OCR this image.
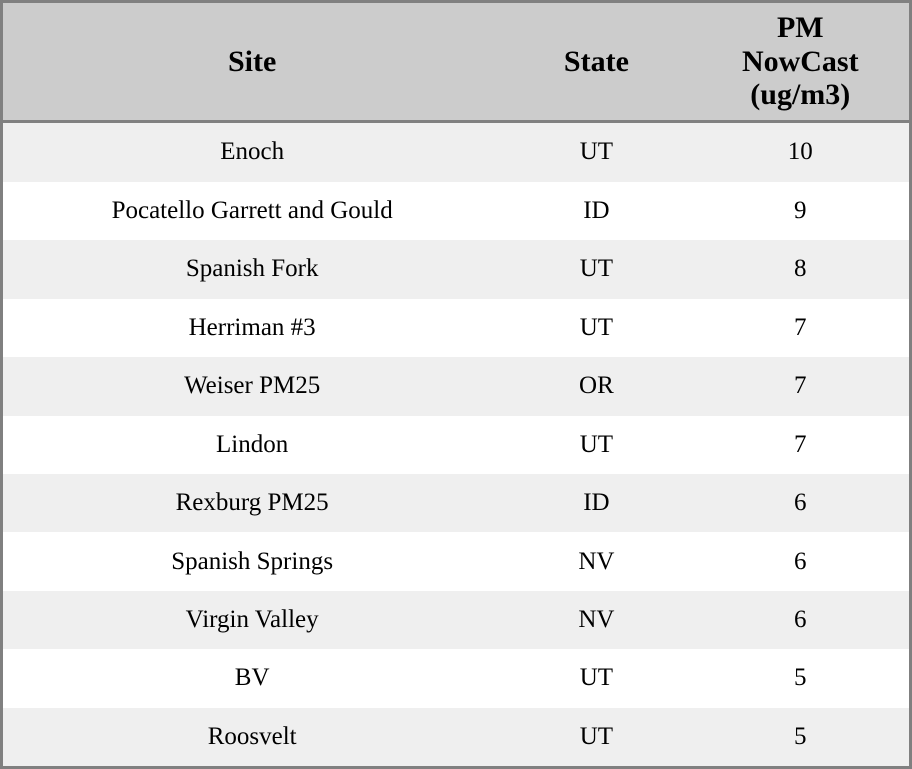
Site	State	PM
NowCast
(ug/m3)

Enoch	UT	10
Pocatello Garrett and Gould	ID	9
Spanish Fork	UT	8
Herriman #3	UT	7
Weiser PM25	OR	7
Lindon	UT	7
Rexburg PM25	ID	6
Spanish Springs	NV	6
Virgin Valley	NV	6
BV	UT	5
Roosvelt	UT	5
